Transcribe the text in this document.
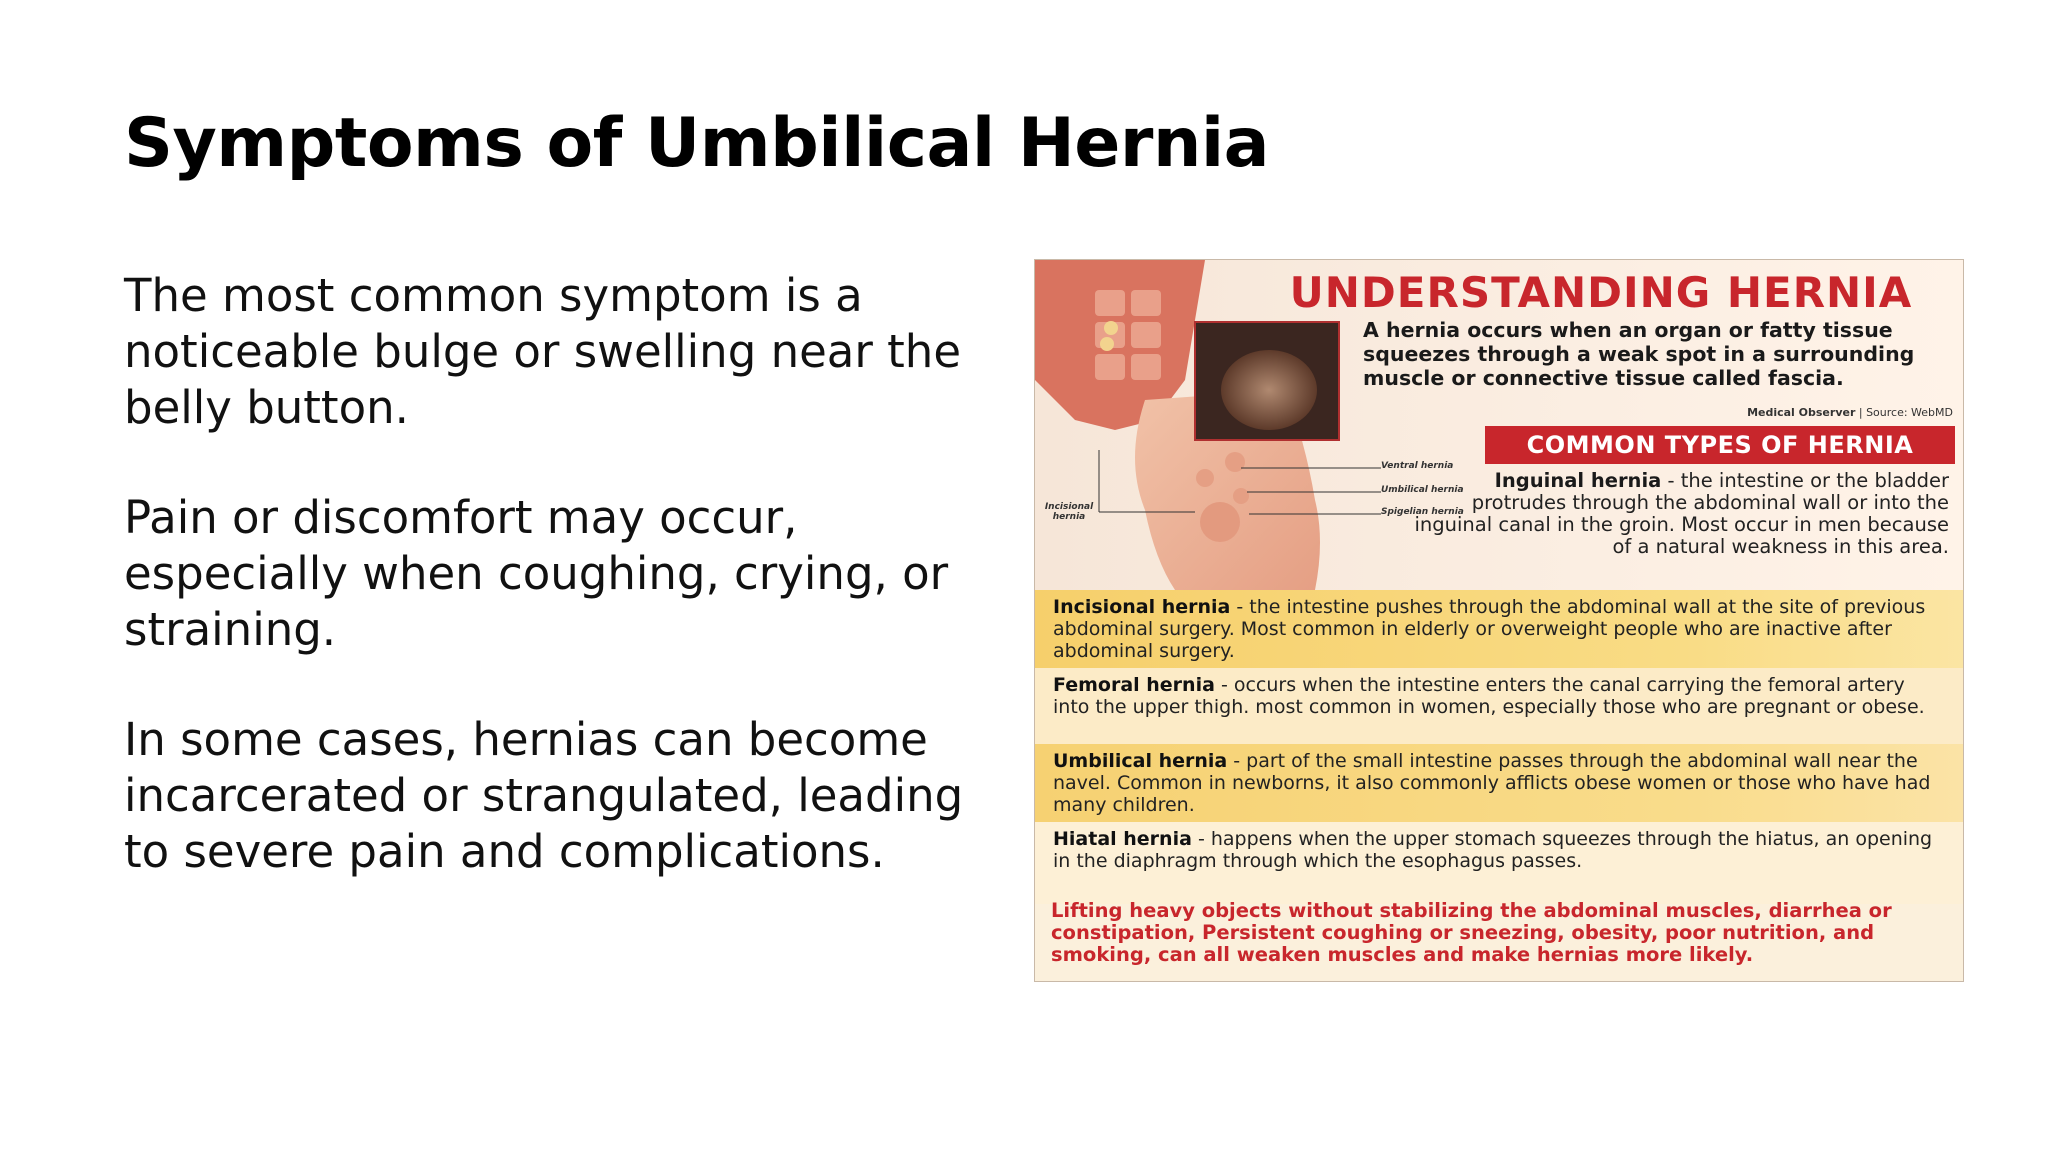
Symptoms of Umbilical Hernia

The most common symptom is a noticeable bulge or swelling near the belly button.

Pain or discomfort may occur, especially when coughing, crying, or straining.

In some cases, hernias can become incarcerated or strangulated, leading to severe pain and complications.

Ventral hernia
Umbilical hernia
Spigelian hernia
Incisional hernia
UNDERSTANDING HERNIA
A hernia occurs when an organ or fatty tissue squeezes through a weak spot in a surrounding muscle or connective tissue called fascia.
Medical Observer | Source: WebMD
COMMON TYPES OF HERNIA
Inguinal hernia - the intestine or the bladder protrudes through the abdominal wall or into the inguinal canal in the groin. Most occur in men because of a natural weakness in this area.
Incisional hernia - the intestine pushes through the abdominal wall at the site of previous abdominal surgery. Most common in elderly or overweight people who are inactive after abdominal surgery.
Femoral hernia - occurs when the intestine enters the canal carrying the femoral artery into the upper thigh. most common in women, especially those who are pregnant or obese.
Umbilical hernia - part of the small intestine passes through the abdominal wall near the navel. Common in newborns, it also commonly afflicts obese women or those who have had many children.
Hiatal hernia - happens when the upper stomach squeezes through the hiatus, an opening in the diaphragm through which the esophagus passes.
Lifting heavy objects without stabilizing the abdominal muscles, diarrhea or constipation, Persistent coughing or sneezing, obesity, poor nutrition, and smoking, can all weaken muscles and make hernias more likely.
